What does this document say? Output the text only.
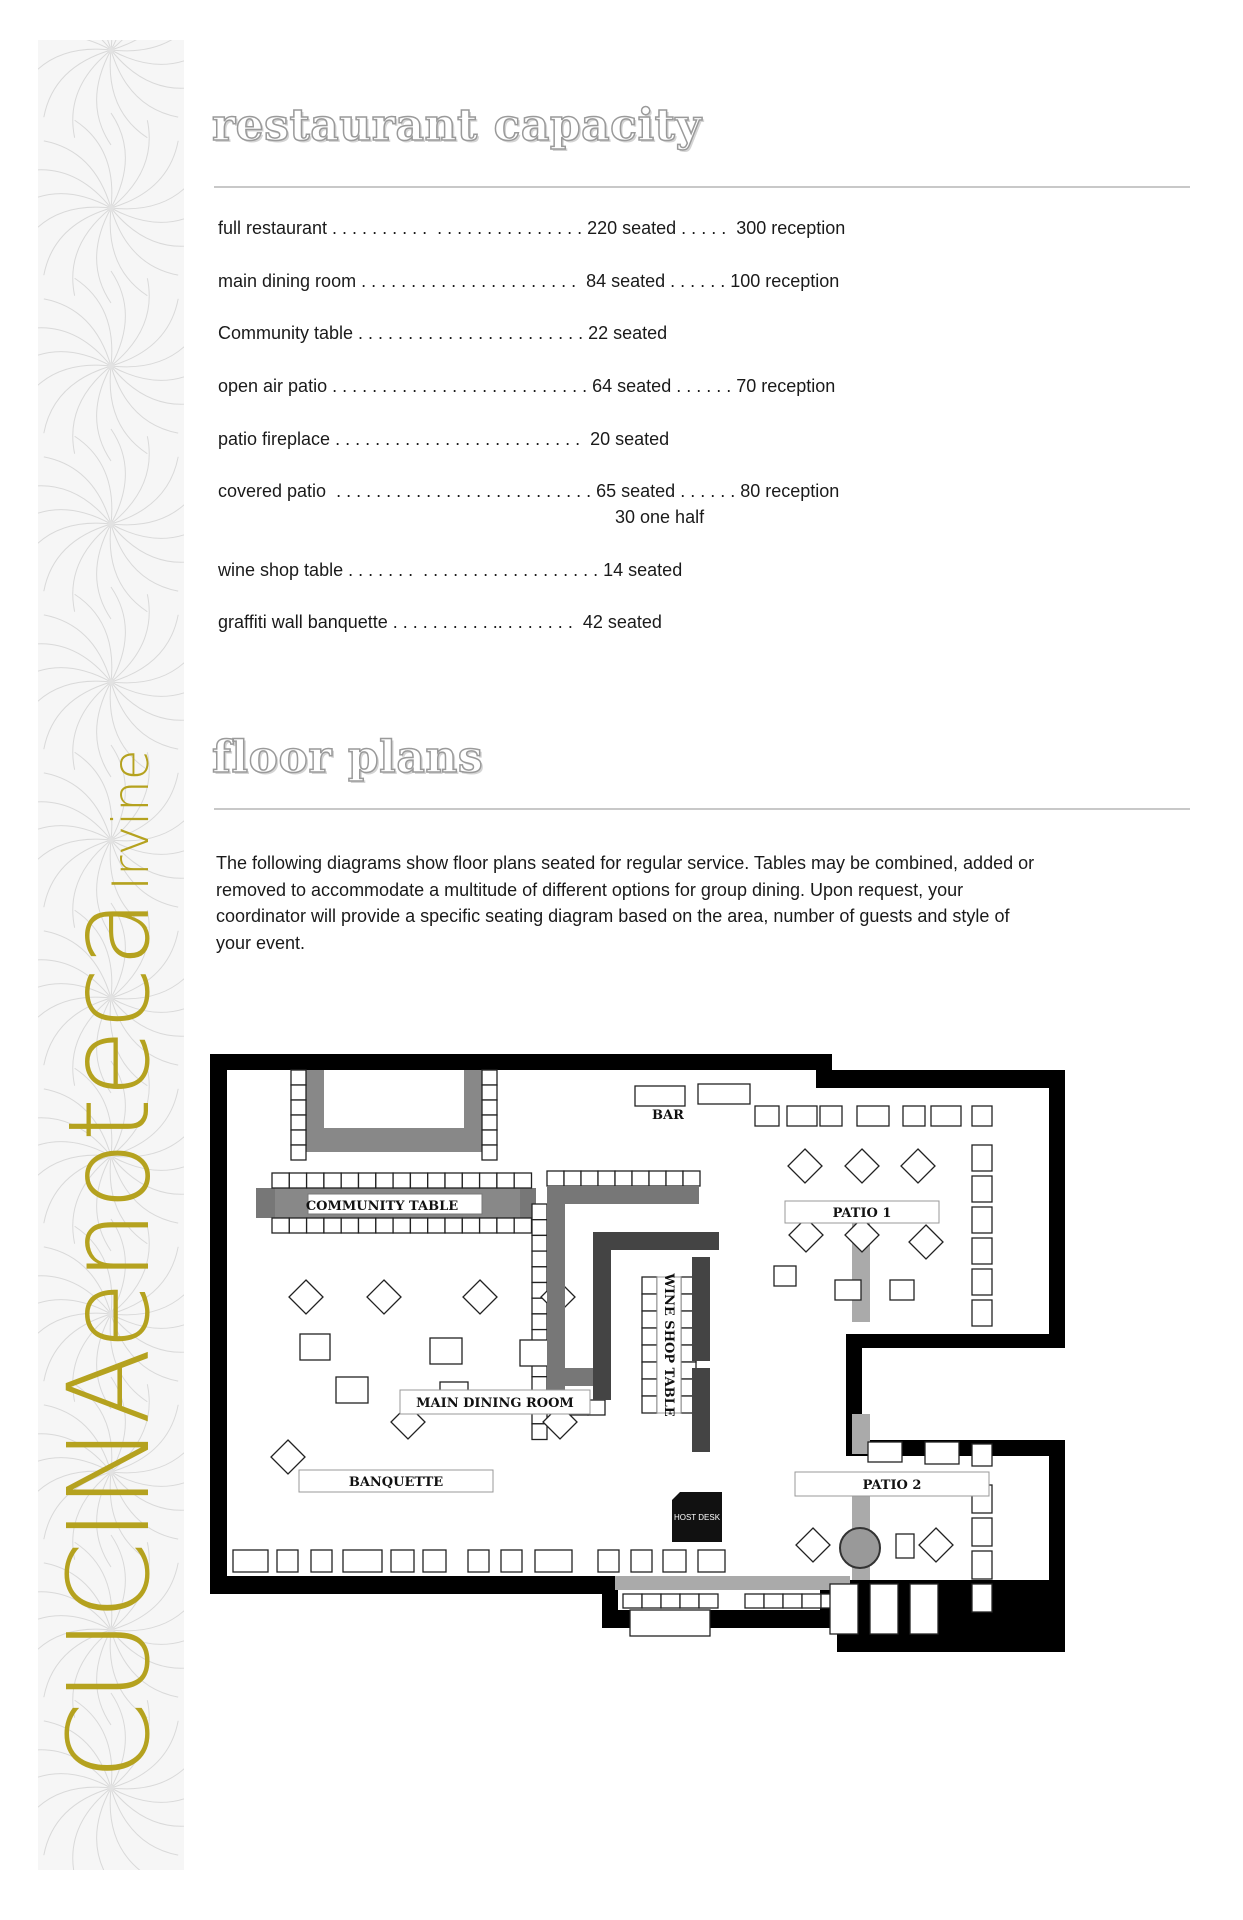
CUCINAenotecaIrvine
restaurant capacity
full restaurant . . . . . . . . . .  . . . . . . . . . . . . . . . 220 seated . . . . .  300 reception
main dining room . . . . . . . . . . . . . . . . . . . . . .  84 seated . . . . . . 100 reception
Community table . . . . . . . . . . . . . . . . . . . . . . . 22 seated
open air patio . . . . . . . . . . . . . . . . . . . . . . . . . . 64 seated . . . . . . 70 reception
patio fireplace . . . . . . . . . . . . . . . . . . . . . . . . .  20 seated
covered patio  . . . . . . . . . . . . . . . . . . . . . . . . . . 65 seated . . . . . . 80 reception
30 one half
wine shop table . . . . . . .  . . . . . . . . . . . . . . . . . . 14 seated
graffiti wall banquette . . . . . . . . . . .. . . . . . . .  42 seated
floor plans

The following diagrams show floor plans seated for regular service. Tables may be combined, added or removed to accommodate a multitude of different options for group dining. Upon request, your coordinator will provide a specific seating diagram based on the area, number of guests and style of your event.

HOST DESK
COMMUNITY TABLE
BAR
PATIO 1
WINE SHOP TABLE
MAIN DINING ROOM
BANQUETTE	PATIO 2
